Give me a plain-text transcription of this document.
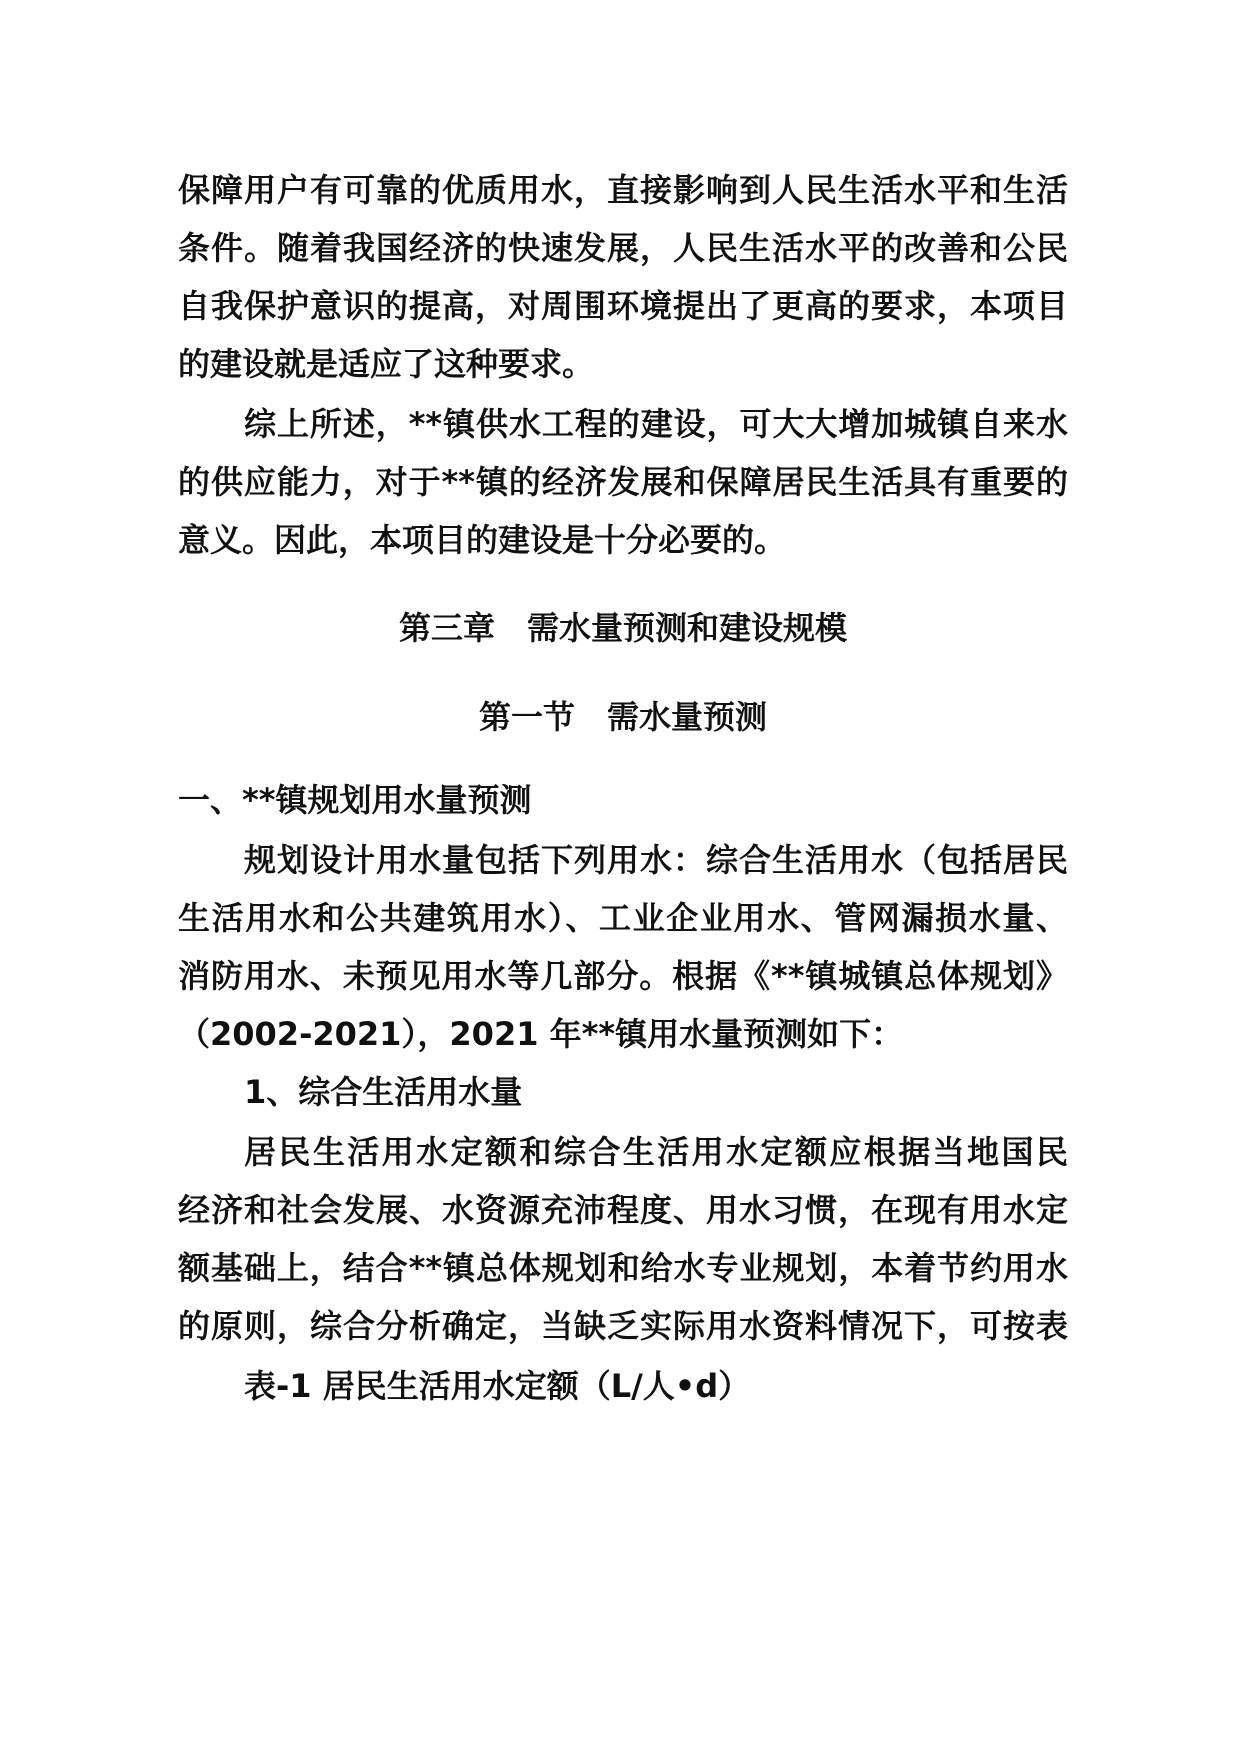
保障用户有可靠的优质用水，直接影响到人民生活水平和生活
条件。随着我国经济的快速发展，人民生活水平的改善和公民
自我保护意识的提高，对周围环境提出了更高的要求，本项目
的建设就是适应了这种要求。
综上所述，**镇供水工程的建设，可大大增加城镇自来水
的供应能力，对于**镇的经济发展和保障居民生活具有重要的
意义。因此，本项目的建设是十分必要的。
第三章　需水量预测和建设规模
第一节　需水量预测
一、**镇规划用水量预测
规划设计用水量包括下列用水：综合生活用水（包括居民
生活用水和公共建筑用水）、工业企业用水、管网漏损水量、
消防用水、未预见用水等几部分。根据《**镇城镇总体规划》
（2002-2021），2021 年**镇用水量预测如下：
1、综合生活用水量
居民生活用水定额和综合生活用水定额应根据当地国民
经济和社会发展、水资源充沛程度、用水习惯，在现有用水定
额基础上，结合**镇总体规划和给水专业规划，本着节约用水
的原则，综合分析确定，当缺乏实际用水资料情况下，可按表
表-1 居民生活用水定额（L/人•d）
